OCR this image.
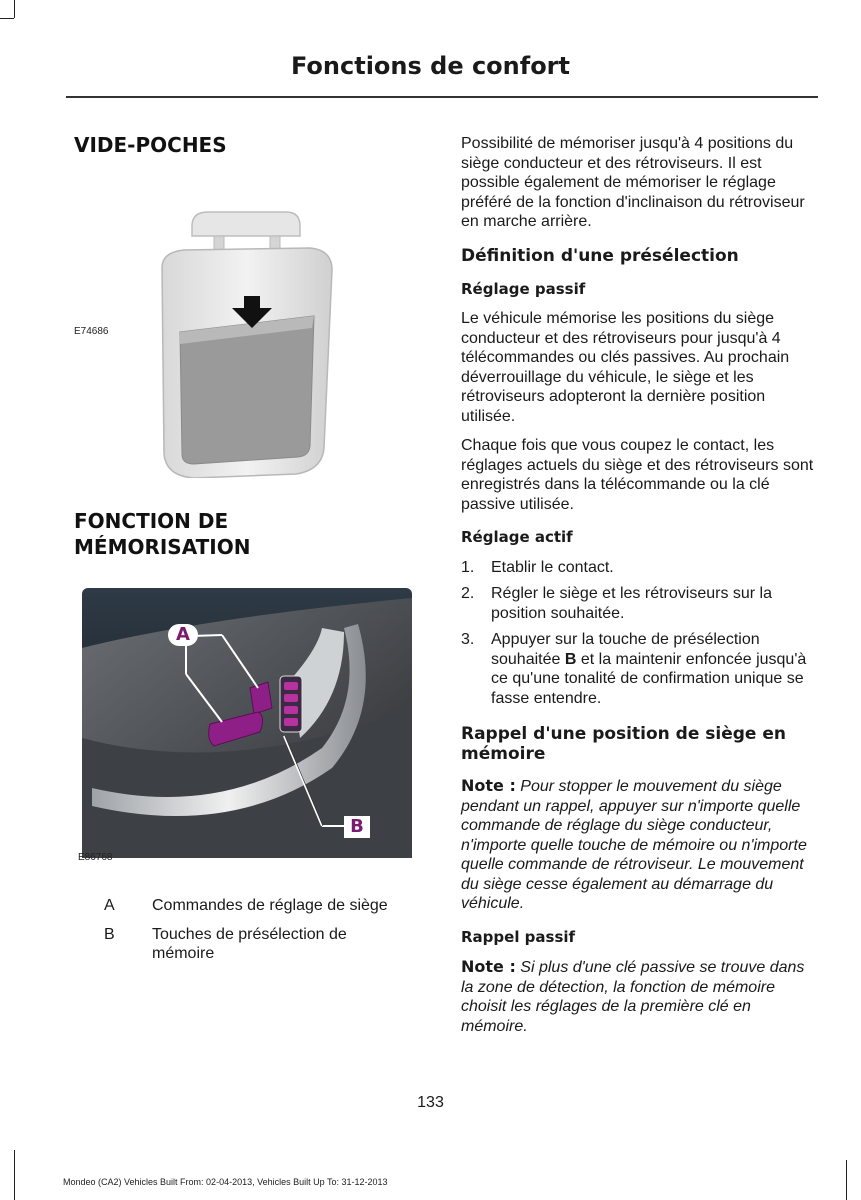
Fonctions de confort
VIDE-POCHES
E74686
FONCTION DE
MÉMORISATION
A
B
E86768
A Commandes de réglage de siège
B Touches de présélection de mémoire

Possibilité de mémoriser jusqu'à 4 positions du siège conducteur et des rétroviseurs. Il est possible également de mémoriser le réglage préféré de la fonction d'inclinaison du rétroviseur en marche arrière.

Définition d'une présélection
Réglage passif

Le véhicule mémorise les positions du siège conducteur et des rétroviseurs pour jusqu'à 4 télécommandes ou clés passives. Au prochain déverrouillage du véhicule, le siège et les rétroviseurs adopteront la dernière position utilisée.

Chaque fois que vous coupez le contact, les réglages actuels du siège et des rétroviseurs sont enregistrés dans la télécommande ou la clé passive utilisée.

Réglage actif
1. Etablir le contact.
2. Régler le siège et les rétroviseurs sur la position souhaitée.
3. Appuyer sur la touche de présélection souhaitée B et la maintenir enfoncée jusqu'à ce qu'une tonalité de confirmation unique se fasse entendre.
Rappel d'une position de siège en mémoire

Note : Pour stopper le mouvement du siège pendant un rappel, appuyer sur n'importe quelle commande de réglage du siège conducteur, n'importe quelle touche de mémoire ou n'importe quelle commande de rétroviseur. Le mouvement du siège cesse également au démarrage du véhicule.

Rappel passif

Note : Si plus d'une clé passive se trouve dans la zone de détection, la fonction de mémoire choisit les réglages de la première clé en mémoire.

133
Mondeo (CA2) Vehicles Built From: 02-04-2013, Vehicles Built Up To: 31-12-2013
